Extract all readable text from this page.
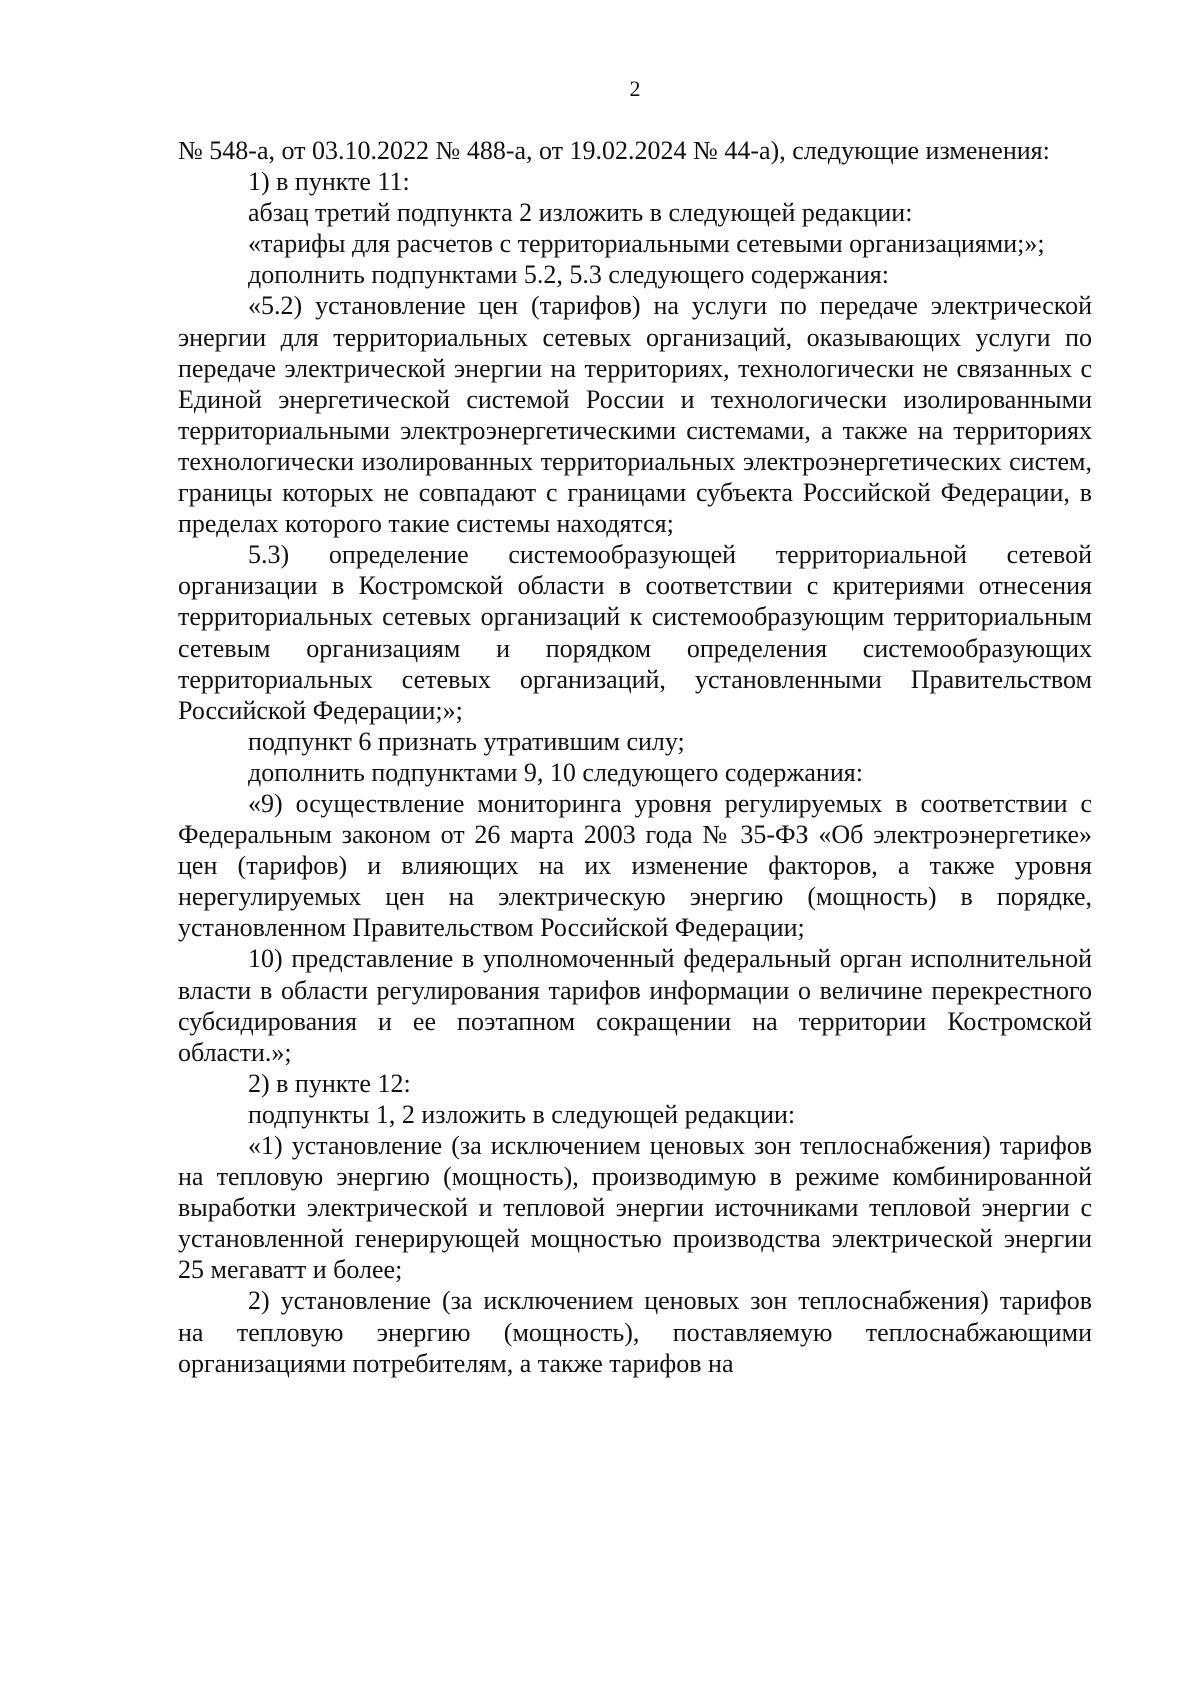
2

№ 548-а, от 03.10.2022 № 488-а, от 19.02.2024 № 44-а), следующие изменения:

1) в пункте 11:

абзац третий подпункта 2 изложить в следующей редакции:

«тарифы для расчетов с территориальными сетевыми организациями;»;

дополнить подпунктами 5.2, 5.3 следующего содержания:

«5.2) установление цен (тарифов) на услуги по передаче электрической энергии для территориальных сетевых организаций, оказывающих услуги по передаче электрической энергии на территориях, технологически не связанных с Единой энергетической системой России и технологически изолированными территориальными электроэнергетическими системами, а также на территориях технологически изолированных территориальных электроэнергетических систем, границы которых не совпадают с границами субъекта Российской Федерации, в пределах которого такие системы находятся;

5.3) определение системообразующей территориальной сетевой организации в Костромской области в соответствии с критериями отнесения территориальных сетевых организаций к системообразующим территориальным сетевым организациям и порядком определения системообразующих территориальных сетевых организаций, установленными Правительством Российской Федерации;»;

подпункт 6 признать утратившим силу;

дополнить подпунктами 9, 10 следующего содержания:

«9) осуществление мониторинга уровня регулируемых в соответствии с Федеральным законом от 26 марта 2003 года № 35-ФЗ «Об электроэнергетике» цен (тарифов) и влияющих на их изменение факторов, а также уровня нерегулируемых цен на электрическую энергию (мощность) в порядке, установленном Правительством Российской Федерации;

10) представление в уполномоченный федеральный орган исполнительной власти в области регулирования тарифов информации о величине перекрестного субсидирования и ее поэтапном сокращении на территории Костромской области.»;

2) в пункте 12:

подпункты 1, 2 изложить в следующей редакции:

«1) установление (за исключением ценовых зон теплоснабжения) тарифов на тепловую энергию (мощность), производимую в режиме комбинированной выработки электрической и тепловой энергии источниками тепловой энергии с установленной генерирующей мощностью производства электрической энергии 25 мегаватт и более;

2) установление (за исключением ценовых зон теплоснабжения) тарифов на тепловую энергию (мощность), поставляемую теплоснабжающими организациями потребителям, а также тарифов на
